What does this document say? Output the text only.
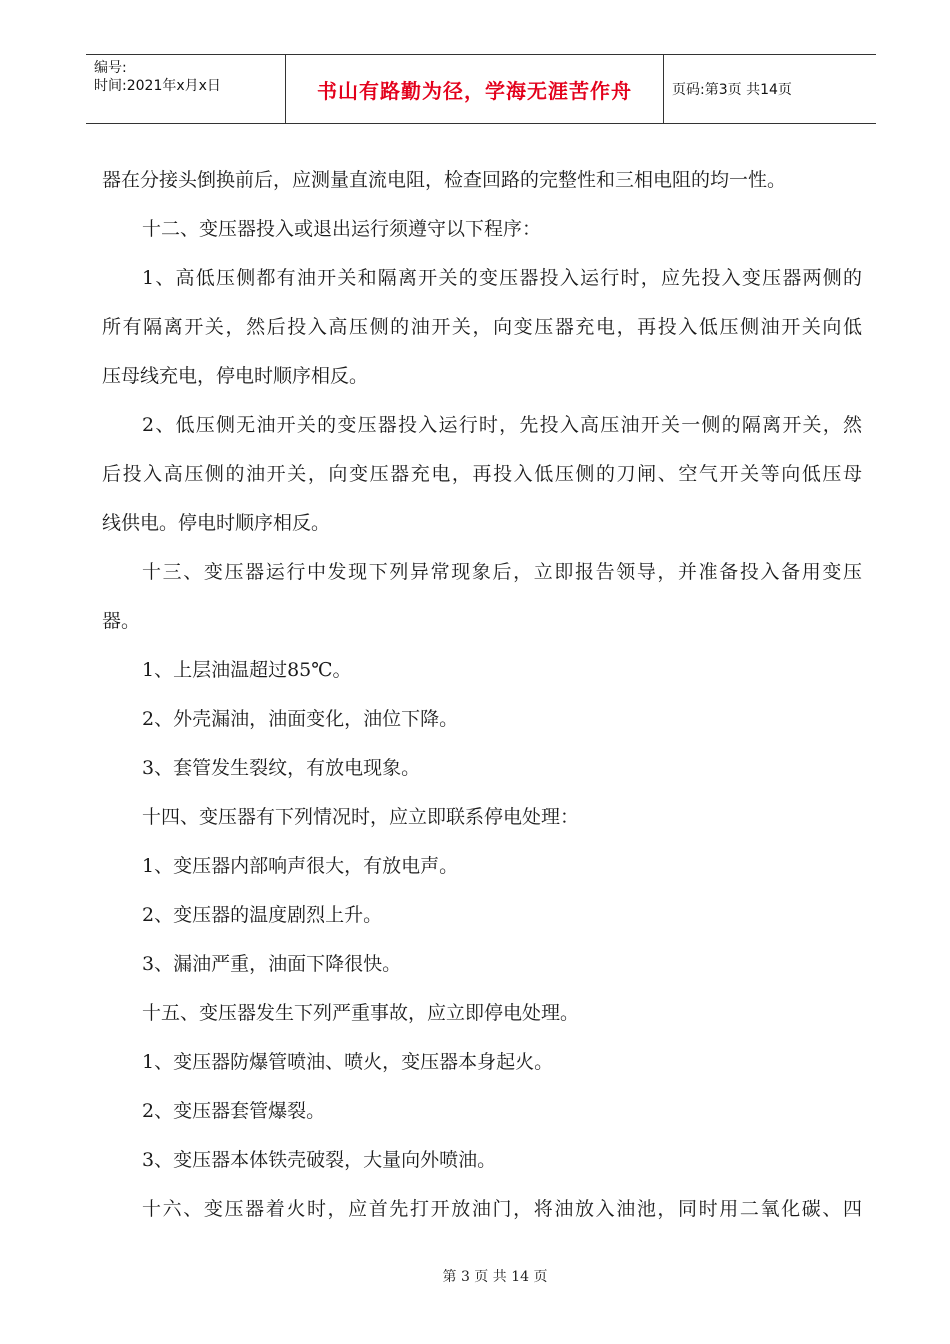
编号:
时间:2021年x月x日	书山有路勤为径，学海无涯苦作舟	页码:第3页 共14页
器在分接头倒换前后，应测量直流电阻，检查回路的完整性和三相电阻的均一性。
十二、变压器投入或退出运行须遵守以下程序：
1、高低压侧都有油开关和隔离开关的变压器投入运行时，应先投入变压器两侧的
所有隔离开关，然后投入高压侧的油开关，向变压器充电，再投入低压侧油开关向低
压母线充电，停电时顺序相反。
2、低压侧无油开关的变压器投入运行时，先投入高压油开关一侧的隔离开关，然
后投入高压侧的油开关，向变压器充电，再投入低压侧的刀闸、空气开关等向低压母
线供电。停电时顺序相反。
十三、变压器运行中发现下列异常现象后，立即报告领导，并准备投入备用变压
器。
1、上层油温超过85℃。
2、外壳漏油，油面变化，油位下降。
3、套管发生裂纹，有放电现象。
十四、变压器有下列情况时，应立即联系停电处理：
1、变压器内部响声很大，有放电声。
2、变压器的温度剧烈上升。
3、漏油严重，油面下降很快。
十五、变压器发生下列严重事故，应立即停电处理。
1、变压器防爆管喷油、喷火，变压器本身起火。
2、变压器套管爆裂。
3、变压器本体铁壳破裂，大量向外喷油。
十六、变压器着火时，应首先打开放油门，将油放入油池，同时用二氧化碳、四
第 3 页 共 14 页
